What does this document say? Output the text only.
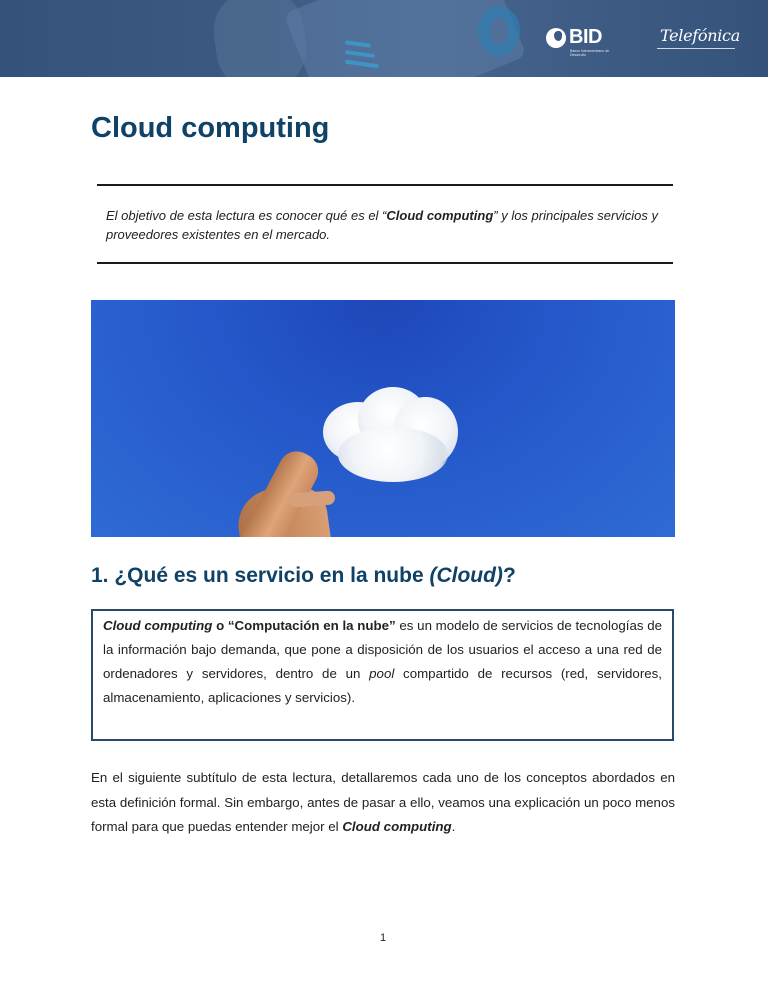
BID
Banco Interamericano de Desarrollo
Telefónica
Cloud computing

El objetivo de esta lectura es conocer qué es el “Cloud computing” y los principales servicios y proveedores existentes en el mercado.

1. ¿Qué es un servicio en la nube (Cloud)?

Cloud computing o “Computación en la nube” es un modelo de servicios de tecnologías de la información bajo demanda, que pone a disposición de los usuarios el acceso a una red de ordenadores y servidores, dentro de un pool compartido de recursos (red, servidores, almacenamiento, aplicaciones y servicios).

En el siguiente subtítulo de esta lectura, detallaremos cada uno de los conceptos abordados en esta definición formal. Sin embargo, antes de pasar a ello, veamos una explicación un poco menos formal para que puedas entender mejor el Cloud computing.

1
